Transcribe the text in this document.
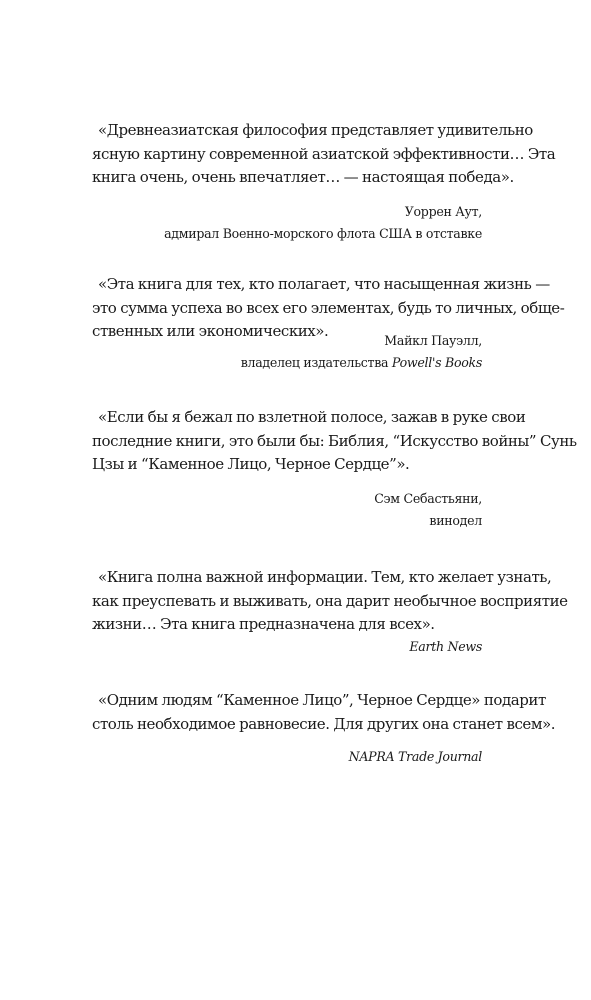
«Древнеазиатская философия представляет удивительно
ясную картину современной азиатской эффективности… Эта
книга очень, очень впечатляет… — настоящая победа».
Уоррен Аут,
адмирал Военно-морского флота США в отставке
«Эта книга для тех, кто полагает, что насыщенная жизнь —
это сумма успеха во всех его элементах, будь то личных, обще-
ственных или экономических».
Майкл Пауэлл,
владелец издательства Powell's Books
«Если бы я бежал по взлетной полосе, зажав в руке свои
последние книги, это были бы: Библия, “Искусство войны” Сунь
Цзы и “Каменное Лицо, Черное Сердце”».
Сэм Себастьяни,
винодел
«Книга полна важной информации. Тем, кто желает узнать,
как преуспевать и выживать, она дарит необычное восприятие
жизни… Эта книга предназначена для всех».
Earth News
«Одним людям “Каменное Лицо”, Черное Сердце» подарит
столь необходимое равновесие. Для других она станет всем».
NAPRA Trade Journal
